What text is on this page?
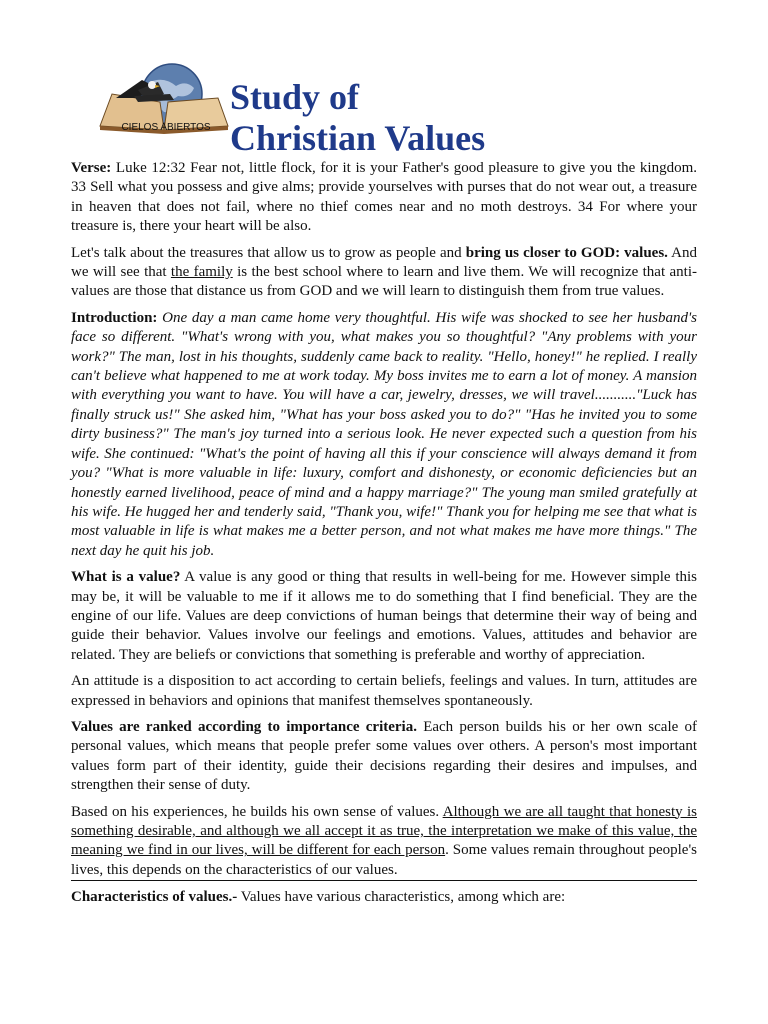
CIELOS ABIERTOS
Study of
Christian Values

Verse: Luke 12:32 Fear not, little flock, for it is your Father's good pleasure to give you the kingdom. 33 Sell what you possess and give alms; provide yourselves with purses that do not wear out, a treasure in heaven that does not fail, where no thief comes near and no moth destroys. 34 For where your treasure is, there your heart will be also.

Let's talk about the treasures that allow us to grow as people and bring us closer to GOD: values. And we will see that the family is the best school where to learn and live them. We will recognize that anti-values are those that distance us from GOD and we will learn to distinguish them from true values.

Introduction: One day a man came home very thoughtful. His wife was shocked to see her husband's face so different. "What's wrong with you, what makes you so thoughtful? "Any problems with your work?" The man, lost in his thoughts, suddenly came back to reality. "Hello, honey!" he replied. I really can't believe what happened to me at work today. My boss invites me to earn a lot of money. A mansion with everything you want to have. You will have a car, jewelry, dresses, we will travel..........."Luck has finally struck us!" She asked him, "What has your boss asked you to do?" "Has he invited you to some dirty business?" The man's joy turned into a serious look. He never expected such a question from his wife. She continued: "What's the point of having all this if your conscience will always demand it from you? "What is more valuable in life: luxury, comfort and dishonesty, or economic deficiencies but an honestly earned livelihood, peace of mind and a happy marriage?" The young man smiled gratefully at his wife. He hugged her and tenderly said, "Thank you, wife!" Thank you for helping me see that what is most valuable in life is what makes me a better person, and not what makes me have more things." The next day he quit his job.

What is a value? A value is any good or thing that results in well-being for me. However simple this may be, it will be valuable to me if it allows me to do something that I find beneficial. They are the engine of our life. Values are deep convictions of human beings that determine their way of being and guide their behavior. Values involve our feelings and emotions. Values, attitudes and behavior are related. They are beliefs or convictions that something is preferable and worthy of appreciation.

An attitude is a disposition to act according to certain beliefs, feelings and values. In turn, attitudes are expressed in behaviors and opinions that manifest themselves spontaneously.

Values are ranked according to importance criteria. Each person builds his or her own scale of personal values, which means that people prefer some values over others. A person's most important values form part of their identity, guide their decisions regarding their desires and impulses, and strengthen their sense of duty.

Based on his experiences, he builds his own sense of values. Although we are all taught that honesty is something desirable, and although we all accept it as true, the interpretation we make of this value, the meaning we find in our lives, will be different for each person. Some values remain throughout people's lives, this depends on the characteristics of our values.

Characteristics of values.- Values have various characteristics, among which are:
